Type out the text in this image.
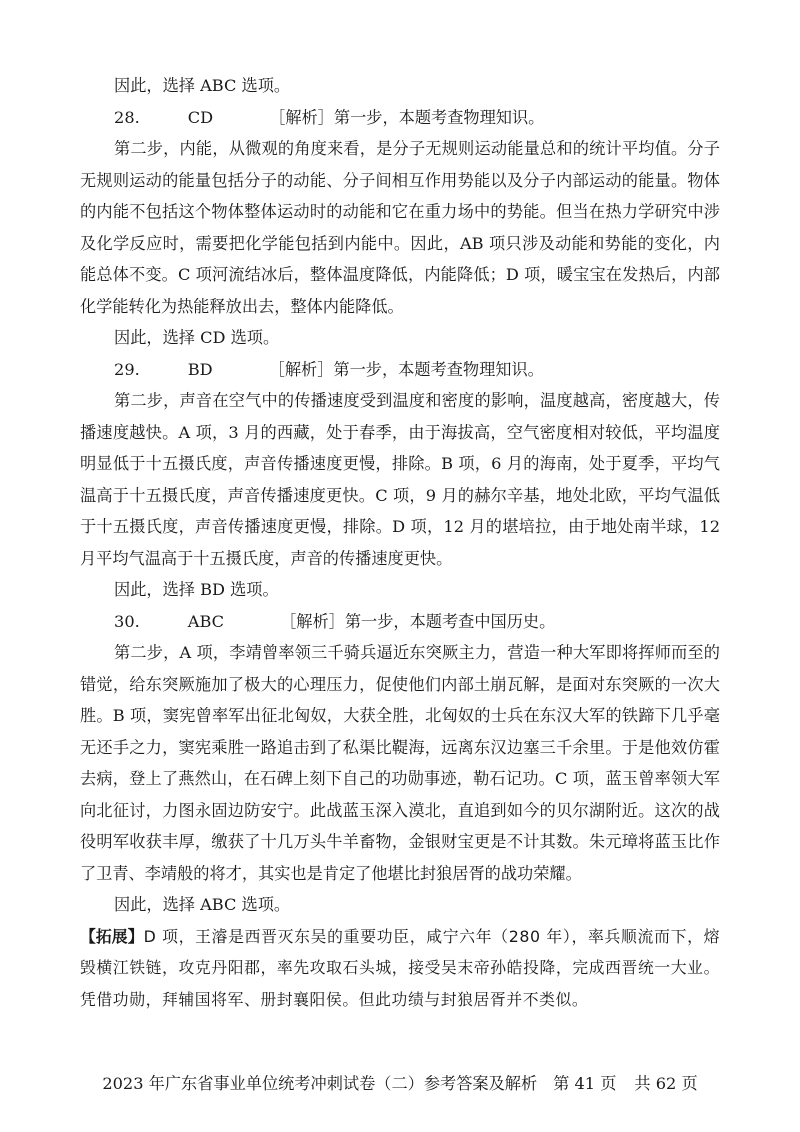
因此，选择 ABC 选项。

28.	CD	［解析］第一步，本题考查物理知识。

第二步，内能，从微观的角度来看，是分子无规则运动能量总和的统计平均值。分子无规则运动的能量包括分子的动能、分子间相互作用势能以及分子内部运动的能量。物体的内能不包括这个物体整体运动时的动能和它在重力场中的势能。但当在热力学研究中涉及化学反应时，需要把化学能包括到内能中。因此，AB 项只涉及动能和势能的变化，内能总体不变。C 项河流结冰后，整体温度降低，内能降低；D 项，暖宝宝在发热后，内部化学能转化为热能释放出去，整体内能降低。

因此，选择 CD 选项。

29.	BD	［解析］第一步，本题考查物理知识。

第二步，声音在空气中的传播速度受到温度和密度的影响，温度越高，密度越大，传播速度越快。A 项，3 月的西藏，处于春季，由于海拔高，空气密度相对较低，平均温度明显低于十五摄氏度，声音传播速度更慢，排除。B 项，6 月的海南，处于夏季，平均气温高于十五摄氏度，声音传播速度更快。C 项，9 月的赫尔辛基，地处北欧，平均气温低于十五摄氏度，声音传播速度更慢，排除。D 项，12 月的堪培拉，由于地处南半球，12 月平均气温高于十五摄氏度，声音的传播速度更快。

因此，选择 BD 选项。

30.	ABC	［解析］第一步，本题考查中国历史。

第二步，A 项，李靖曾率领三千骑兵逼近东突厥主力，营造一种大军即将挥师而至的错觉，给东突厥施加了极大的心理压力，促使他们内部土崩瓦解，是面对东突厥的一次大胜。B 项，窦宪曾率军出征北匈奴，大获全胜，北匈奴的士兵在东汉大军的铁蹄下几乎毫无还手之力，窦宪乘胜一路追击到了私渠比鞮海，远离东汉边塞三千余里。于是他效仿霍去病，登上了燕然山，在石碑上刻下自己的功勋事迹，勒石记功。C 项，蓝玉曾率领大军向北征讨，力图永固边防安宁。此战蓝玉深入漠北，直追到如今的贝尔湖附近。这次的战役明军收获丰厚，缴获了十几万头牛羊畜物，金银财宝更是不计其数。朱元璋将蓝玉比作了卫青、李靖般的将才，其实也是肯定了他堪比封狼居胥的战功荣耀。

因此，选择 ABC 选项。

【拓展】D 项，王濬是西晋灭东吴的重要功臣，咸宁六年（280 年），率兵顺流而下，熔毁横江铁链，攻克丹阳郡，率先攻取石头城，接受吴末帝孙皓投降，完成西晋统一大业。凭借功勋，拜辅国将军、册封襄阳侯。但此功绩与封狼居胥并不类似。

2023 年广东省事业单位统考冲刺试卷（二）参考答案及解析 第 41 页 共 62 页
